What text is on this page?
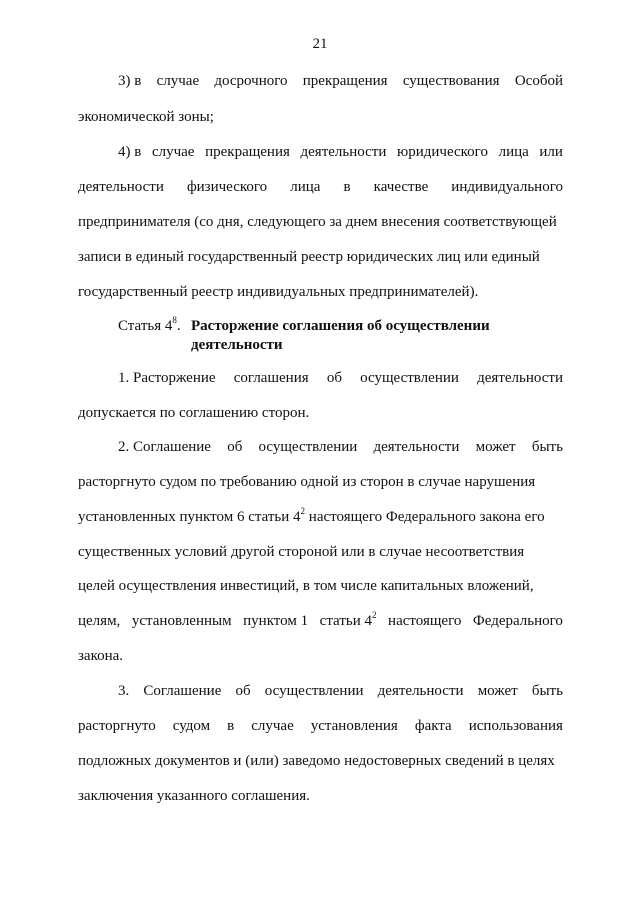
21
3) в случае досрочного прекращения существования Особой
экономической зоны;
4) в случае прекращения деятельности юридического лица или
деятельности физического лица в качестве индивидуального
предпринимателя (со дня, следующего за днем внесения соответствующей
записи в единый государственный реестр юридических лиц или единый
государственный реестр индивидуальных предпринимателей).
Статья $4^8$. Расторжение соглашения об осуществлении
деятельности
1. Расторжение соглашения об осуществлении деятельности
допускается по соглашению сторон.
2. Соглашение об осуществлении деятельности может быть
расторгнуто судом по требованию одной из сторон в случае нарушения
установленных пунктом 6 статьи $4^2$ настоящего Федерального закона его
существенных условий другой стороной или в случае несоответствия
целей осуществления инвестиций, в том числе капитальных вложений,
целям, установленным пунктом 1 статьи $4^2$ настоящего Федерального
закона.
3. Соглашение об осуществлении деятельности может быть
расторгнуто судом в случае установления факта использования
подложных документов и (или) заведомо недостоверных сведений в целях
заключения указанного соглашения.
